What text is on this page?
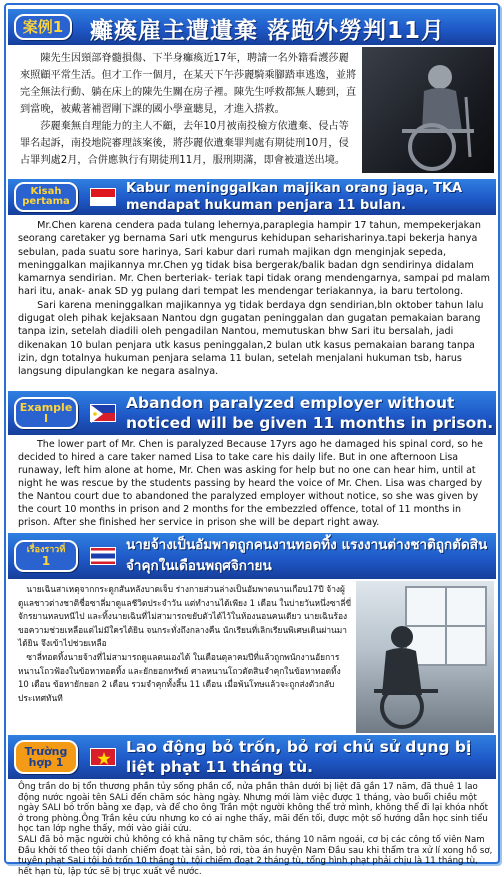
案例1 癱瘓雇主遭遺棄 落跑外勞判11月
　　陳先生因頸部脊髓損傷、下半身癱瘓近17年，聘請一名外籍看護莎麗來照顧平常生活。但才工作一個月，在某天下午莎麗騎乘腳踏車逃逸，並將完全無法行動、躺在床上的陳先生關在房子裡。陳先生呼救都無人聽到，直到當晚，被戴著補習剛下課的國小學童聽見，才進入搭救。
　　莎麗棄無自理能力的主人不顧，去年10月被南投檢方依遺棄、侵占等罪名起訴，南投地院審理該案後，將莎麗依遺棄罪判處有期徒刑10月，侵占罪判處2月，合併應執行有期徒刑11月，服刑期滿，即會被遣送出境。
Kisah
pertama
Kabur meninggalkan majikan orang jaga, TKA mendapat hukuman penjara 11 bulan.
　　Mr.Chen karena cendera pada tulang lehernya,paraplegia hampir 17 tahun, mempekerjakan seorang caretaker yg bernama Sari utk mengurus kehidupan seharisharinya.tapi bekerja hanya sebulan, pada suatu sore harinya, Sari kabur dari rumah majikan dgn menginjak sepeda, meninggalkan majikannya mr.Chen yg tidak bisa bergerak/balik badan dgn sendirinya didalam kamarnya sendirian. Mr. Chen berteriak- teriak tapi tidak orang mendengarnya, sampai pd malam hari itu, anak- anak SD yg pulang dari tempat les mendengar teriakannya, ia baru tertolong.
　　Sari karena meninggalkan majikannya yg tidak berdaya dgn sendirian,bln oktober tahun lalu digugat oleh pihak kejaksaan Nantou dgn gugatan peninggalan dan gugatan pemakaian barang tanpa izin, setelah diadili oleh pengadilan Nantou, memutuskan bhw Sari itu bersalah, jadi dikenakan 10 bulan penjara utk kasus peninggalan,2 bulan utk kasus pemakaian barang tanpa izin, dgn totalnya hukuman penjara selama 11 bulan, setelah menjalani hukuman tsb, harus langsung dipulangkan ke negara asalnya.
Example
I
Abandon paralyzed employer without noticed will be given 11 months in prison.
　　The lower part of Mr. Chen is paralyzed Because 17yrs ago he damaged his spinal cord, so he decided to hired a care taker named Lisa to take care his daily life. But in one afternoon Lisa runaway, left him alone at home, Mr. Chen was asking for help but no one can hear him, until at night he was rescue by the students passing by heard the voice of Mr. Chen. Lisa was charged by the Nantou court due to abandoned the paralyzed employer without notice, so she was given by the court 10 months in prison and 2 months for the embezzled offence, total of 11 months in prison. After she finished her service in prison she will be depart right away.
เรื่องราวที่
1
นายจ้างเป็นอัมพาตถูกคนงานทอดทิ้ง แรงงานต่างชาติถูกตัดสินจำคุกในเดือนพฤศจิกายน
　นายเฉินสาเหตุจากกระดูกสันหลังบาดเจ็บ ร่างกายส่วนล่างเป็นอัมพาตนานเกือบ17ปี จ้างผู้ดูแลชาวต่างชาติชื่อซาลี่มาดูแลชีวิตประจำวัน แต่ทำงานได้เพียง 1 เดือน ในบ่ายวันหนึ่งซาลี่ขี่จักรยานหลบหนีไป และทิ้งนายเฉินที่ไม่สามารถขยับตัวได้ไว้ในห้องนอนคนเดียว นายเฉินร้องขอความช่วยเหลือแต่ไม่มีใครได้ยิน จนกระทั่งถึงกลางคืน นักเรียนที่เลิกเรียนพิเศษเดินผ่านมาได้ยิน จึงเข้าไปช่วยเหลือ
　ซาลี่ทอดทิ้งนายจ้างที่ไม่สามารถดูแลตนเองได้ ในเดือนตุลาคมปีที่แล้วถูกพนักงานอัยการหนานโถวฟ้องในข้อหาทอดทิ้ง และยักยอกทรัพย์ ศาลหนานโถวตัดสินจำคุกในข้อหาทอดทิ้ง 10 เดือน ข้อหายักยอก 2 เดือน รวมจำคุกทั้งสิ้น 11 เดือน เมื่อพ้นโทษแล้วจะถูกส่งตัวกลับประเทศทันที
Trường
hợp 1
Lao động bỏ trốn, bỏ rơi chủ sử dụng bị liệt phạt 11 tháng tù.
Ông trần do bị tổn thương phần tủy sống phần cổ, nửa phần thân dưới bị liệt đã gần 17 năm, đã thuê 1 lao động nước ngoài tên SALi đến chăm sóc hàng ngày. Nhưng mới làm việc được 1 tháng, vào buổi chiều một ngày SALI bỏ trốn bằng xe đạp, và để cho ông Trần một người không thể trở mình, không thể đi lại khóa nhốt ở trong phòng.Ông Trần kêu cứu nhưng ko có ai nghe thấy, mãi đến tối, được một số hướng dẫn học sinh tiểu học tan lớp nghe thấy, mới vào giải cứu.
SALI đã bỏ mặc người chủ không có khả năng tự chăm sóc, tháng 10 năm ngoái, cơ bị các công tố viên Nam Đầu khởi tố theo tội danh chiếm đoạt tài sản, bỏ rơi, tòa án huyện Nam Đầu sau khi thẩm tra xử lí xong hồ sơ, tuyên phạt SaLi tội bỏ trốn 10 tháng tù, tội chiếm đoạt 2 tháng tù, tổng hình phạt phải chịu là 11 tháng tù, hết hạn tù, lập tức sẽ bị trục xuất về nước.
